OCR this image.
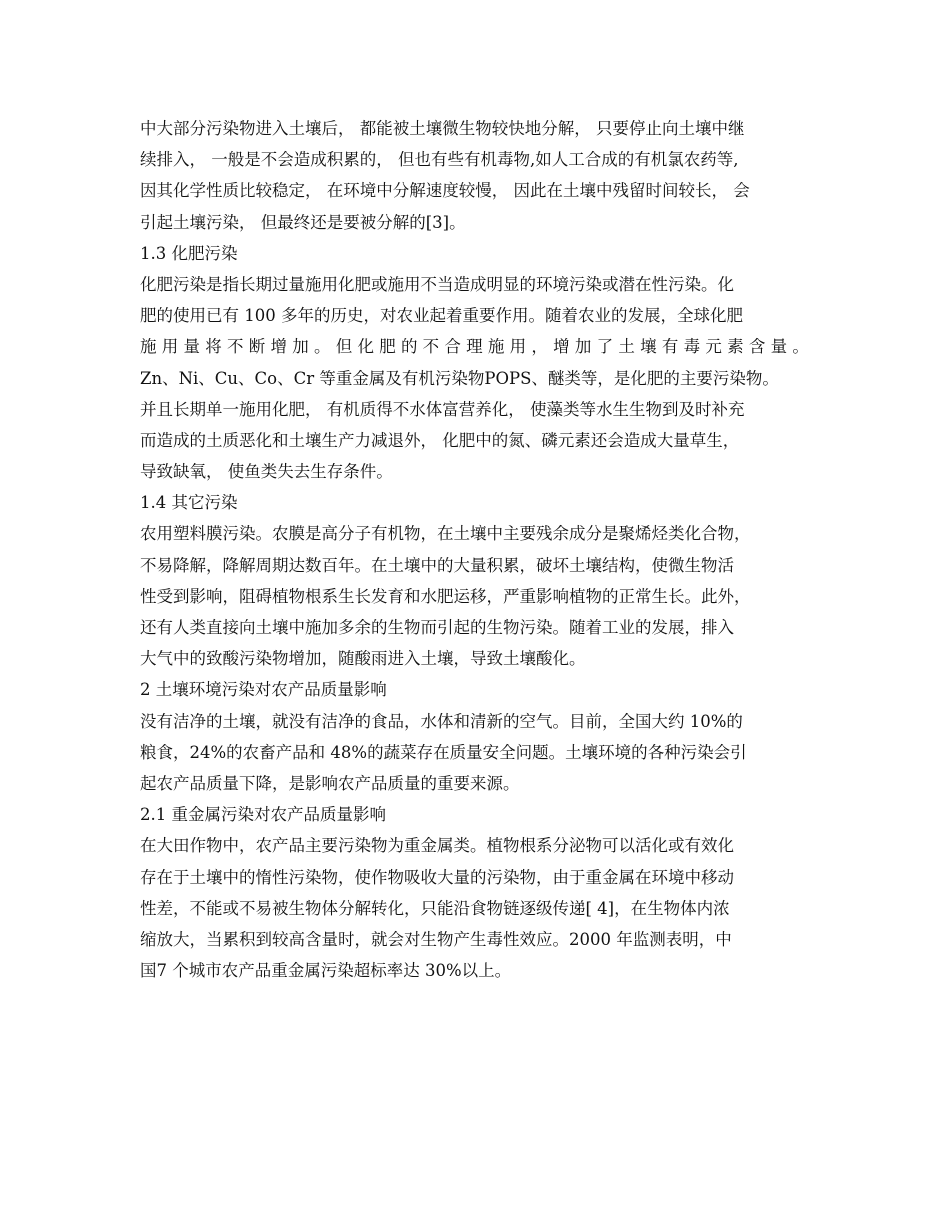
中大部分污染物进入土壤后， 都能被土壤微生物较快地分解， 只要停止向土壤中继
续排入， 一般是不会造成积累的， 但也有些有机毒物,如人工合成的有机氯农药等,
因其化学性质比较稳定， 在环境中分解速度较慢， 因此在土壤中残留时间较长， 会
引起土壤污染， 但最终还是要被分解的[3]。
1.3 化肥污染
化肥污染是指长期过量施用化肥或施用不当造成明显的环境污染或潜在性污染。化
肥的使用已有 100 多年的历史，对农业起着重要作用。随着农业的发展，全球化肥
施 用 量 将 不 断 增 加 。 但 化 肥 的 不 合 理 施 用 ， 增 加 了 土 壤 有 毒 元 素 含 量 。
Zn、Ni、Cu、Co、Cr 等重金属及有机污染物POPS、醚类等，是化肥的主要污染物。
并且长期单一施用化肥， 有机质得不水体富营养化， 使藻类等水生生物到及时补充
而造成的土质恶化和土壤生产力减退外， 化肥中的氮、磷元素还会造成大量草生，
导致缺氧， 使鱼类失去生存条件。
1.4 其它污染
农用塑料膜污染。农膜是高分子有机物，在土壤中主要残余成分是聚烯烃类化合物，
不易降解，降解周期达数百年。在土壤中的大量积累，破坏土壤结构，使微生物活
性受到影响，阻碍植物根系生长发育和水肥运移，严重影响植物的正常生长。此外，
还有人类直接向土壤中施加多余的生物而引起的生物污染。随着工业的发展，排入
大气中的致酸污染物增加，随酸雨进入土壤，导致土壤酸化。
2 土壤环境污染对农产品质量影响
没有洁净的土壤，就没有洁净的食品，水体和清新的空气。目前，全国大约 10%的
粮食，24%的农畜产品和 48%的蔬菜存在质量安全问题。土壤环境的各种污染会引
起农产品质量下降，是影响农产品质量的重要来源。
2.1 重金属污染对农产品质量影响
在大田作物中，农产品主要污染物为重金属类。植物根系分泌物可以活化或有效化
存在于土壤中的惰性污染物，使作物吸收大量的污染物，由于重金属在环境中移动
性差，不能或不易被生物体分解转化，只能沿食物链逐级传递[ 4]，在生物体内浓
缩放大，当累积到较高含量时，就会对生物产生毒性效应。2000 年监测表明，中
国7 个城市农产品重金属污染超标率达 30%以上。
